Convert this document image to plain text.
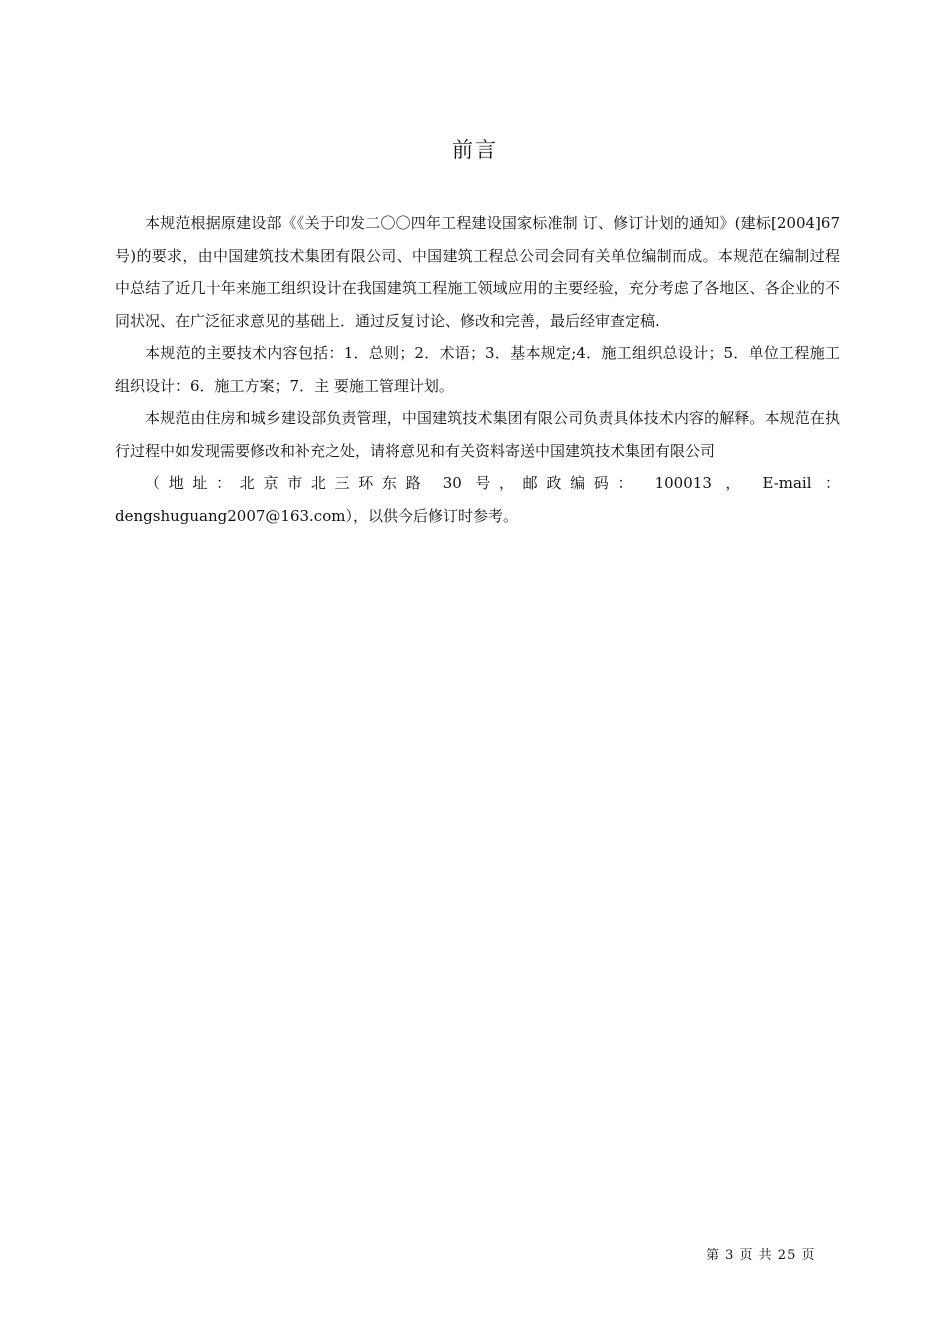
前言

本规范根据原建设部《《关于印发二〇〇四年工程建设国家标准制 订、修订计划的通知》(建标[2004]67 号)的要求，由中国建筑技术集团有限公司、中国建筑工程总公司会同有关单位编制而成。本规范在编制过程中总结了近几十年来施工组织设计在我国建筑工程施工领域应用的主要经验，充分考虑了各地区、各企业的不同状况、在广泛征求意见的基础上．通过反复讨论、修改和完善，最后经审查定稿.

本规范的主要技术内容包括：1．总则；2．术语；3．基本规定;4．施工组织总设计；5．单位工程施工组织设计：6．施工方案；7．主 要施工管理计划。

本规范由住房和城乡建设部负责管理，中国建筑技术集团有限公司负责具体技术内容的解释。本规范在执行过程中如发现需要修改和补充之处，请将意见和有关资料寄送中国建筑技术集团有限公司

（地址：北京市北三环东路 30 号，邮政编码： 100013 ， E-mail ： dengshuguang2007@163.com），以供今后修订时参考。

第 3 页 共 25 页
